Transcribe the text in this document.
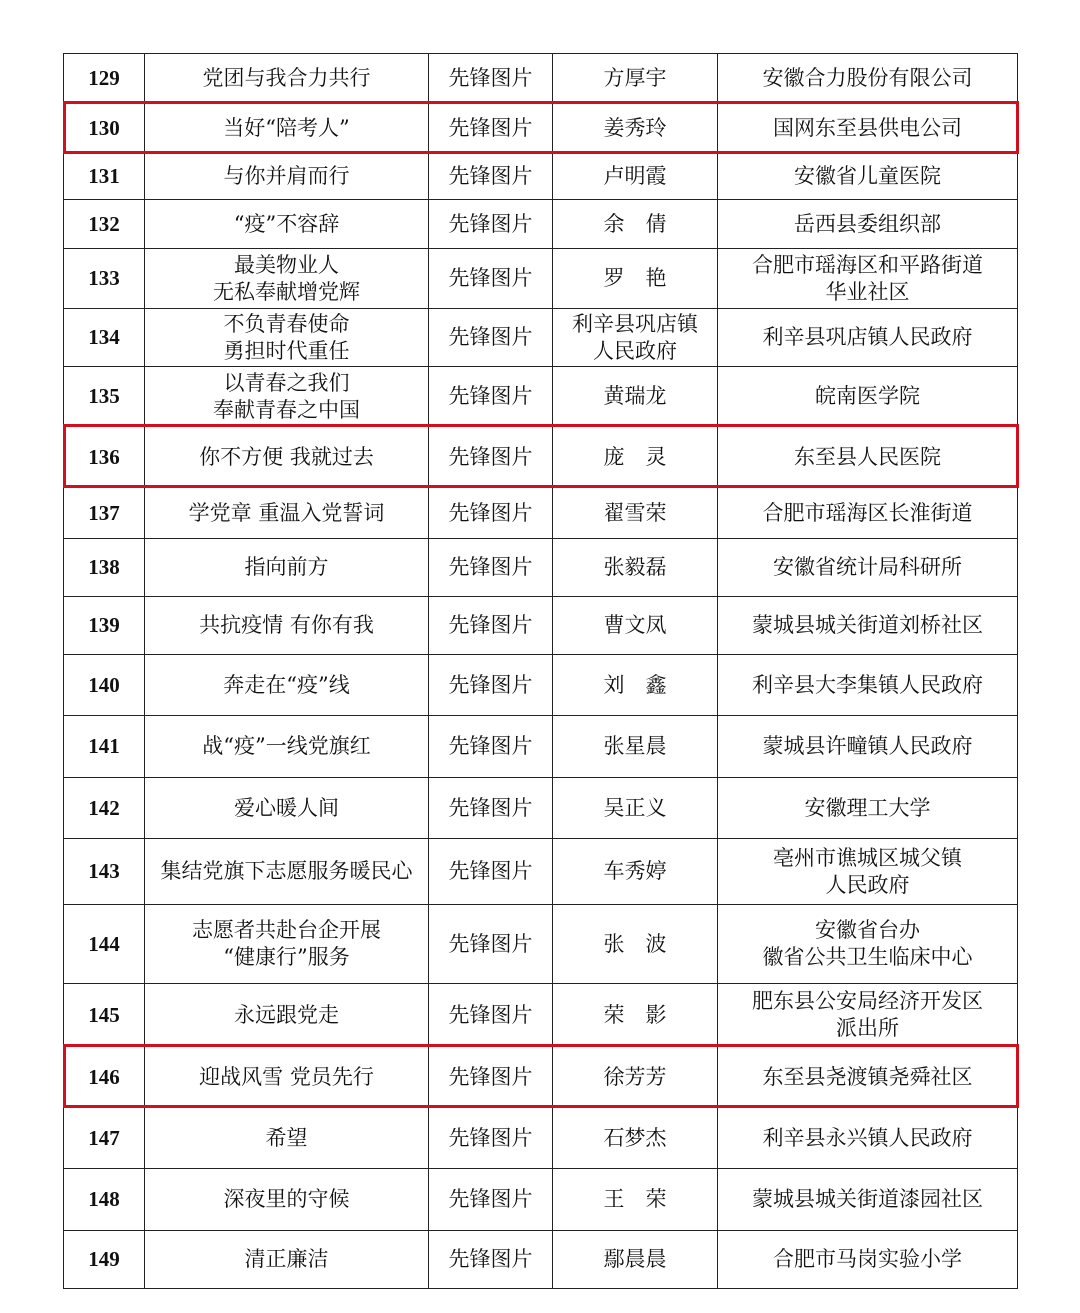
129	党团与我合力共行	先锋图片	方厚宇	安徽合力股份有限公司

130	当好“陪考人”	先锋图片	姜秀玲	国网东至县供电公司

131	与你并肩而行	先锋图片	卢明霞	安徽省儿童医院

132	“疫”不容辞	先锋图片	余　倩	岳西县委组织部

133	最美物业人
无私奉献增党辉	先锋图片	罗　艳	合肥市瑶海区和平路街道
华业社区

134	不负青春使命
勇担时代重任	先锋图片	利辛县巩店镇
人民政府	利辛县巩店镇人民政府

135	以青春之我们
奉献青春之中国	先锋图片	黄瑞龙	皖南医学院

136	你不方便 我就过去	先锋图片	庞　灵	东至县人民医院

137	学党章 重温入党誓词	先锋图片	翟雪荣	合肥市瑶海区长淮街道

138	指向前方	先锋图片	张毅磊	安徽省统计局科研所

139	共抗疫情 有你有我	先锋图片	曹文凤	蒙城县城关街道刘桥社区

140	奔走在“疫”线	先锋图片	刘　鑫	利辛县大李集镇人民政府

141	战“疫”一线党旗红	先锋图片	张星晨	蒙城县许疃镇人民政府

142	爱心暖人间	先锋图片	吴正义	安徽理工大学

143	集结党旗下志愿服务暖民心	先锋图片	车秀婷	亳州市谯城区城父镇
人民政府

144	志愿者共赴台企开展
“健康行”服务	先锋图片	张　波	安徽省台办
徽省公共卫生临床中心

145	永远跟党走	先锋图片	荣　影	肥东县公安局经济开发区
派出所

146	迎战风雪 党员先行	先锋图片	徐芳芳	东至县尧渡镇尧舜社区

147	希望	先锋图片	石梦杰	利辛县永兴镇人民政府

148	深夜里的守候	先锋图片	王　荣	蒙城县城关街道漆园社区

149	清正廉洁	先锋图片	鄢晨晨	合肥市马岗实验小学
